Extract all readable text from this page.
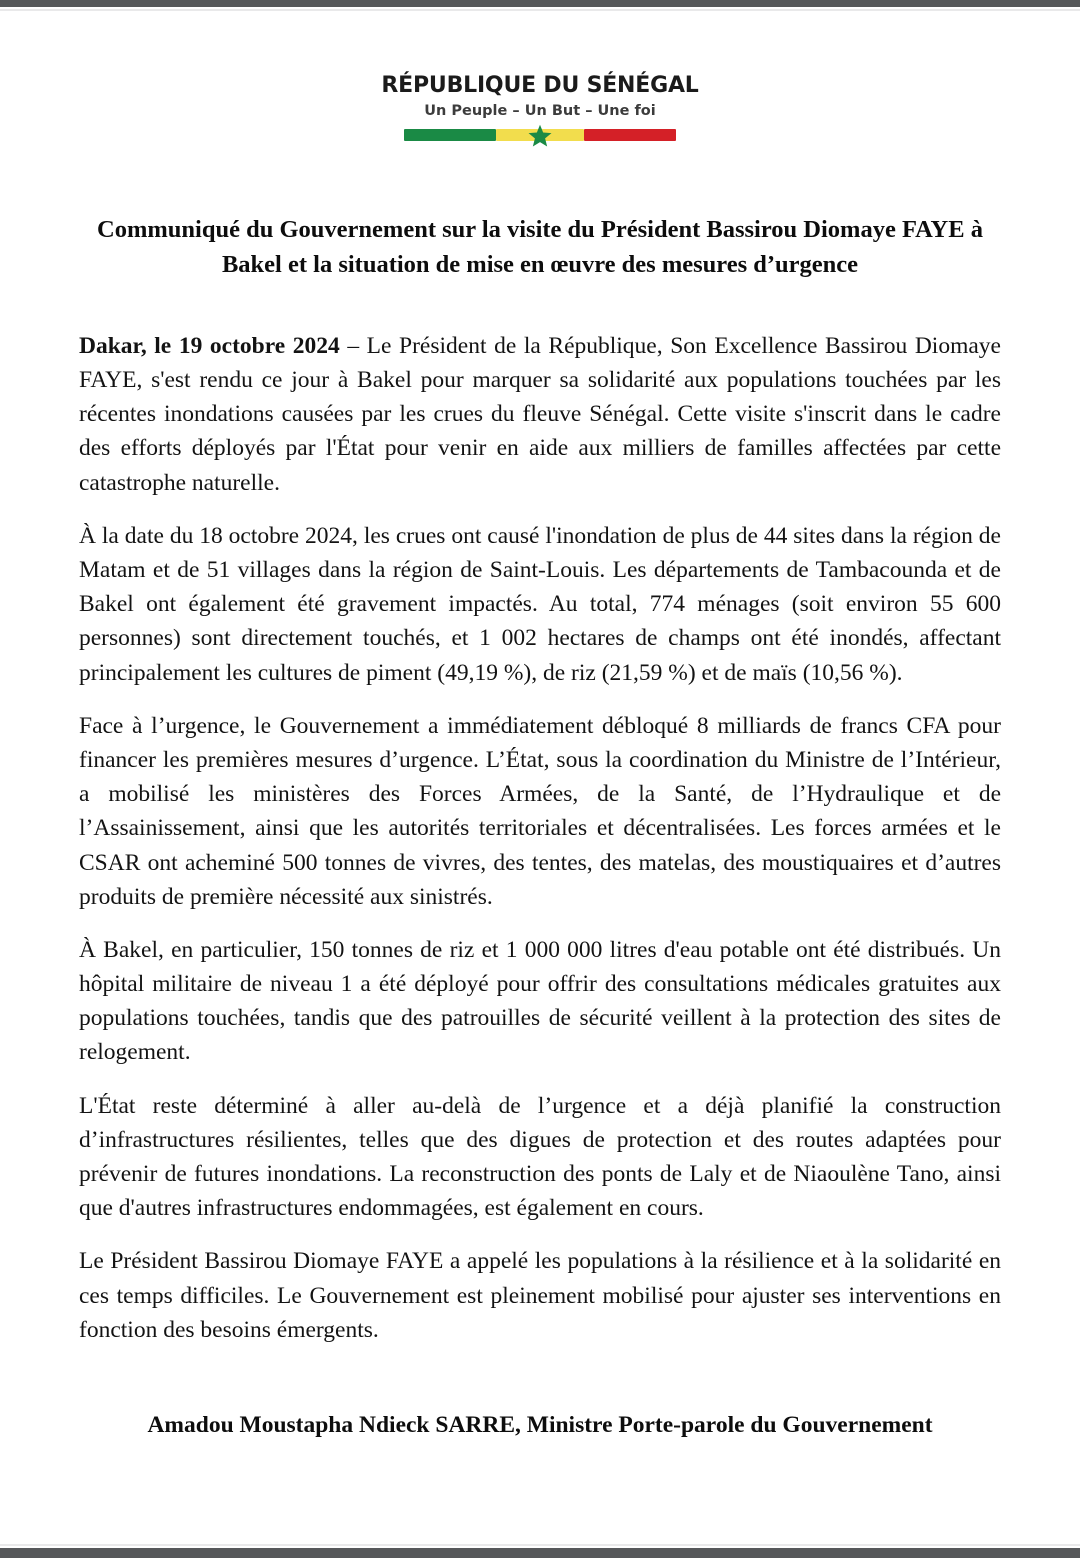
RÉPUBLIQUE DU SÉNÉGAL

Un Peuple – Un But – Une foi

Communiqué du Gouvernement sur la visite du Président Bassirou Diomaye FAYE à Bakel et la situation de mise en œuvre des mesures d’urgence

Dakar, le 19 octobre 2024 – Le Président de la République, Son Excellence Bassirou Diomaye FAYE, s'est rendu ce jour à Bakel pour marquer sa solidarité aux populations touchées par les récentes inondations causées par les crues du fleuve Sénégal. Cette visite s'inscrit dans le cadre des efforts déployés par l'État pour venir en aide aux milliers de familles affectées par cette catastrophe naturelle.

À la date du 18 octobre 2024, les crues ont causé l'inondation de plus de 44 sites dans la région de Matam et de 51 villages dans la région de Saint-Louis. Les départements de Tambacounda et de Bakel ont également été gravement impactés. Au total, 774 ménages (soit environ 55 600 personnes) sont directement touchés, et 1 002 hectares de champs ont été inondés, affectant principalement les cultures de piment (49,19 %), de riz (21,59 %) et de maïs (10,56 %).

Face à l’urgence, le Gouvernement a immédiatement débloqué 8 milliards de francs CFA pour financer les premières mesures d’urgence. L’État, sous la coordination du Ministre de l’Intérieur, a mobilisé les ministères des Forces Armées, de la Santé, de l’Hydraulique et de l’Assainissement, ainsi que les autorités territoriales et décentralisées. Les forces armées et le CSAR ont acheminé 500 tonnes de vivres, des tentes, des matelas, des moustiquaires et d’autres produits de première nécessité aux sinistrés.

À Bakel, en particulier, 150 tonnes de riz et 1 000 000 litres d'eau potable ont été distribués. Un hôpital militaire de niveau 1 a été déployé pour offrir des consultations médicales gratuites aux populations touchées, tandis que des patrouilles de sécurité veillent à la protection des sites de relogement.

L'État reste déterminé à aller au-delà de l’urgence et a déjà planifié la construction d’infrastructures résilientes, telles que des digues de protection et des routes adaptées pour prévenir de futures inondations. La reconstruction des ponts de Laly et de Niaoulène Tano, ainsi que d'autres infrastructures endommagées, est également en cours.

Le Président Bassirou Diomaye FAYE a appelé les populations à la résilience et à la solidarité en ces temps difficiles. Le Gouvernement est pleinement mobilisé pour ajuster ses interventions en fonction des besoins émergents.

Amadou Moustapha Ndieck SARRE, Ministre Porte-parole du Gouvernement
